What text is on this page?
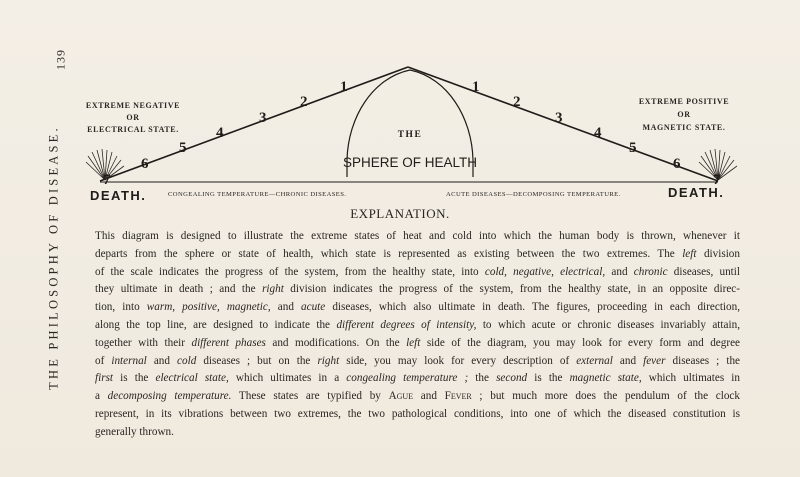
139
THE PHILOSOPHY OF DISEASE.
1
2
3
4
5
6
7
1
2
3
4
5
6
7
EXTREME NEGATIVE
OR
ELECTRICAL STATE.
EXTREME POSITIVE
OR
MAGNETIC STATE.
THE
SPHERE OF HEALTH
DEATH.	DEATH.
CONGEALING TEMPERATURE—CHRONIC DISEASES.	ACUTE DISEASES—DECOMPOSING TEMPERATURE.
EXPLANATION.
This diagram is designed to illustrate the extreme states of heat and cold into which the human body is thrown, whenever it
departs from the sphere or state of health, which state is represented as existing between the two extremes. The left division
of the scale indicates the progress of the system, from the healthy state, into cold, negative, electrical, and chronic diseases, until
they ultimate in death ; and the right division indicates the progress of the system, from the healthy state, in an opposite direc-
tion, into warm, positive, magnetic, and acute diseases, which also ultimate in death. The figures, proceeding in each direction,
along the top line, are designed to indicate the different degrees of intensity, to which acute or chronic diseases invariably attain,
together with their different phases and modifications. On the left side of the diagram, you may look for every form and degree
of internal and cold diseases ; but on the right side, you may look for every description of external and fever diseases ; the
first is the electrical state, which ultimates in a congealing temperature ; the second is the magnetic state, which ultimates in
a decomposing temperature. These states are typified by Ague and Fever ; but much more does the pendulum of the clock
represent, in its vibrations between two extremes, the two pathological conditions, into one of which the diseased constitution is
generally thrown.
